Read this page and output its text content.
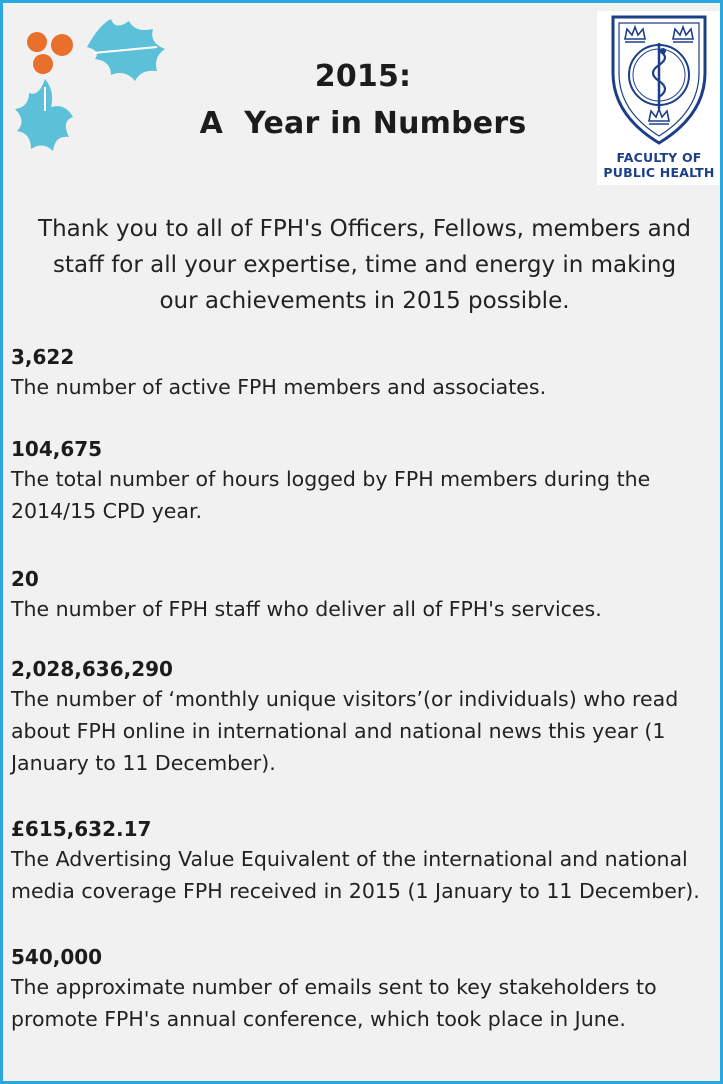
2015:
A  Year in Numbers
FACULTY OF
PUBLIC HEALTH
Thank you to all of FPH's Officers, Fellows, members and staff for all your expertise, time and energy in making our achievements in 2015 possible.
3,622
The number of active FPH members and associates.
104,675
The total number of hours logged by FPH members during the 2014/15 CPD year.
20
The number of FPH staff who deliver all of FPH's services.
2,028,636,290
The number of ‘monthly unique visitors’(or individuals) who read about FPH online in international and national news this year (1 January to 11 December).
£615,632.17
The Advertising Value Equivalent of the international and national media coverage FPH received in 2015 (1 January to 11 December).
540,000
The approximate number of emails sent to key stakeholders to promote FPH's annual conference, which took place in June.
